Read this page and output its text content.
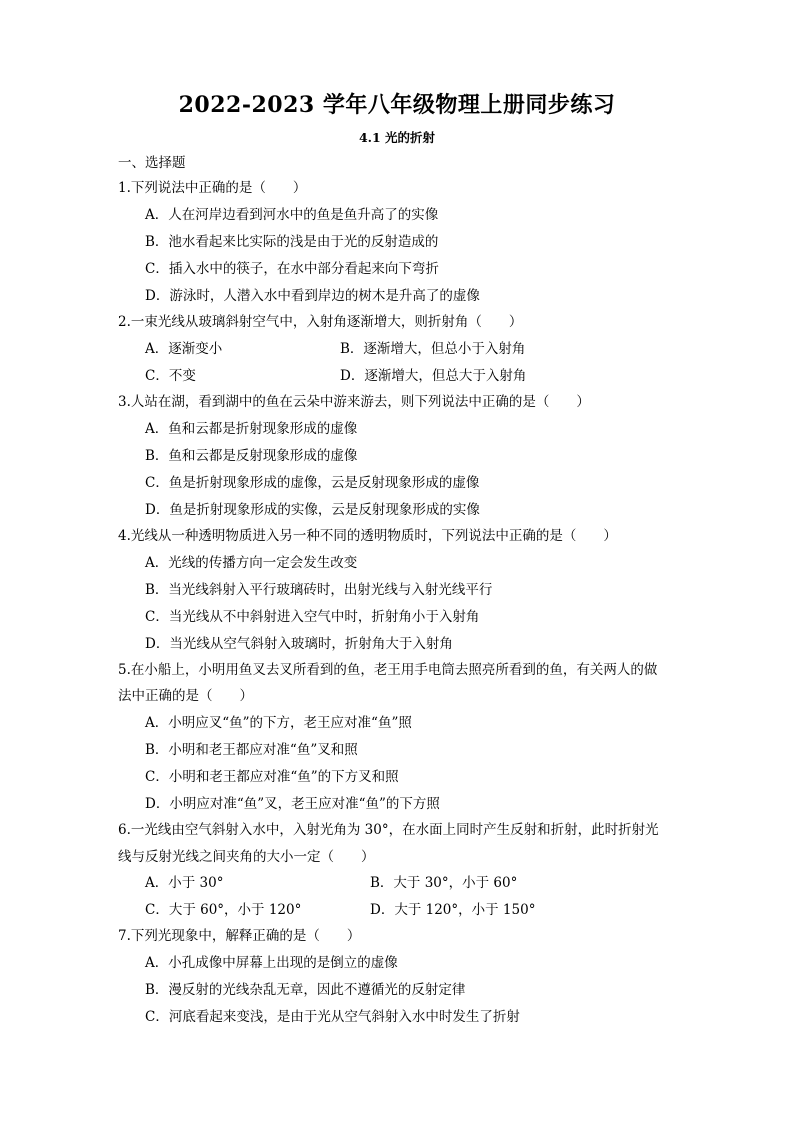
2022-2023 学年八年级物理上册同步练习
4.1 光的折射
一、选择题
1.下列说法中正确的是（　　）
A．人在河岸边看到河水中的鱼是鱼升高了的实像
B．池水看起来比实际的浅是由于光的反射造成的
C．插入水中的筷子，在水中部分看起来向下弯折
D．游泳时，人潜入水中看到岸边的树木是升高了的虚像
2.一束光线从玻璃斜射空气中，入射角逐渐增大，则折射角（　　）
A．逐渐变小	B．逐渐增大，但总小于入射角
C．不变	D．逐渐增大，但总大于入射角
3.人站在湖，看到湖中的鱼在云朵中游来游去，则下列说法中正确的是（　　）
A．鱼和云都是折射现象形成的虚像
B．鱼和云都是反射现象形成的虚像
C．鱼是折射现象形成的虚像，云是反射现象形成的虚像
D．鱼是折射现象形成的实像，云是反射现象形成的实像
4.光线从一种透明物质进入另一种不同的透明物质时，下列说法中正确的是（　　）
A．光线的传播方向一定会发生改变
B．当光线斜射入平行玻璃砖时，出射光线与入射光线平行
C．当光线从不中斜射进入空气中时，折射角小于入射角
D．当光线从空气斜射入玻璃时，折射角大于入射角
5.在小船上，小明用鱼叉去叉所看到的鱼，老王用手电筒去照亮所看到的鱼，有关两人的做
法中正确的是（　　）
A．小明应叉“鱼”的下方，老王应对准“鱼”照
B．小明和老王都应对准“鱼”叉和照
C．小明和老王都应对准“鱼”的下方叉和照
D．小明应对准“鱼”叉，老王应对准“鱼”的下方照
6.一光线由空气斜射入水中，入射光角为 30°，在水面上同时产生反射和折射，此时折射光
线与反射光线之间夹角的大小一定（　　）
A．小于 30°	B．大于 30°，小于 60°
C．大于 60°，小于 120°	D．大于 120°，小于 150°
7.下列光现象中，解释正确的是（　　）
A．小孔成像中屏幕上出现的是倒立的虚像
B．漫反射的光线杂乱无章，因此不遵循光的反射定律
C．河底看起来变浅，是由于光从空气斜射入水中时发生了折射
